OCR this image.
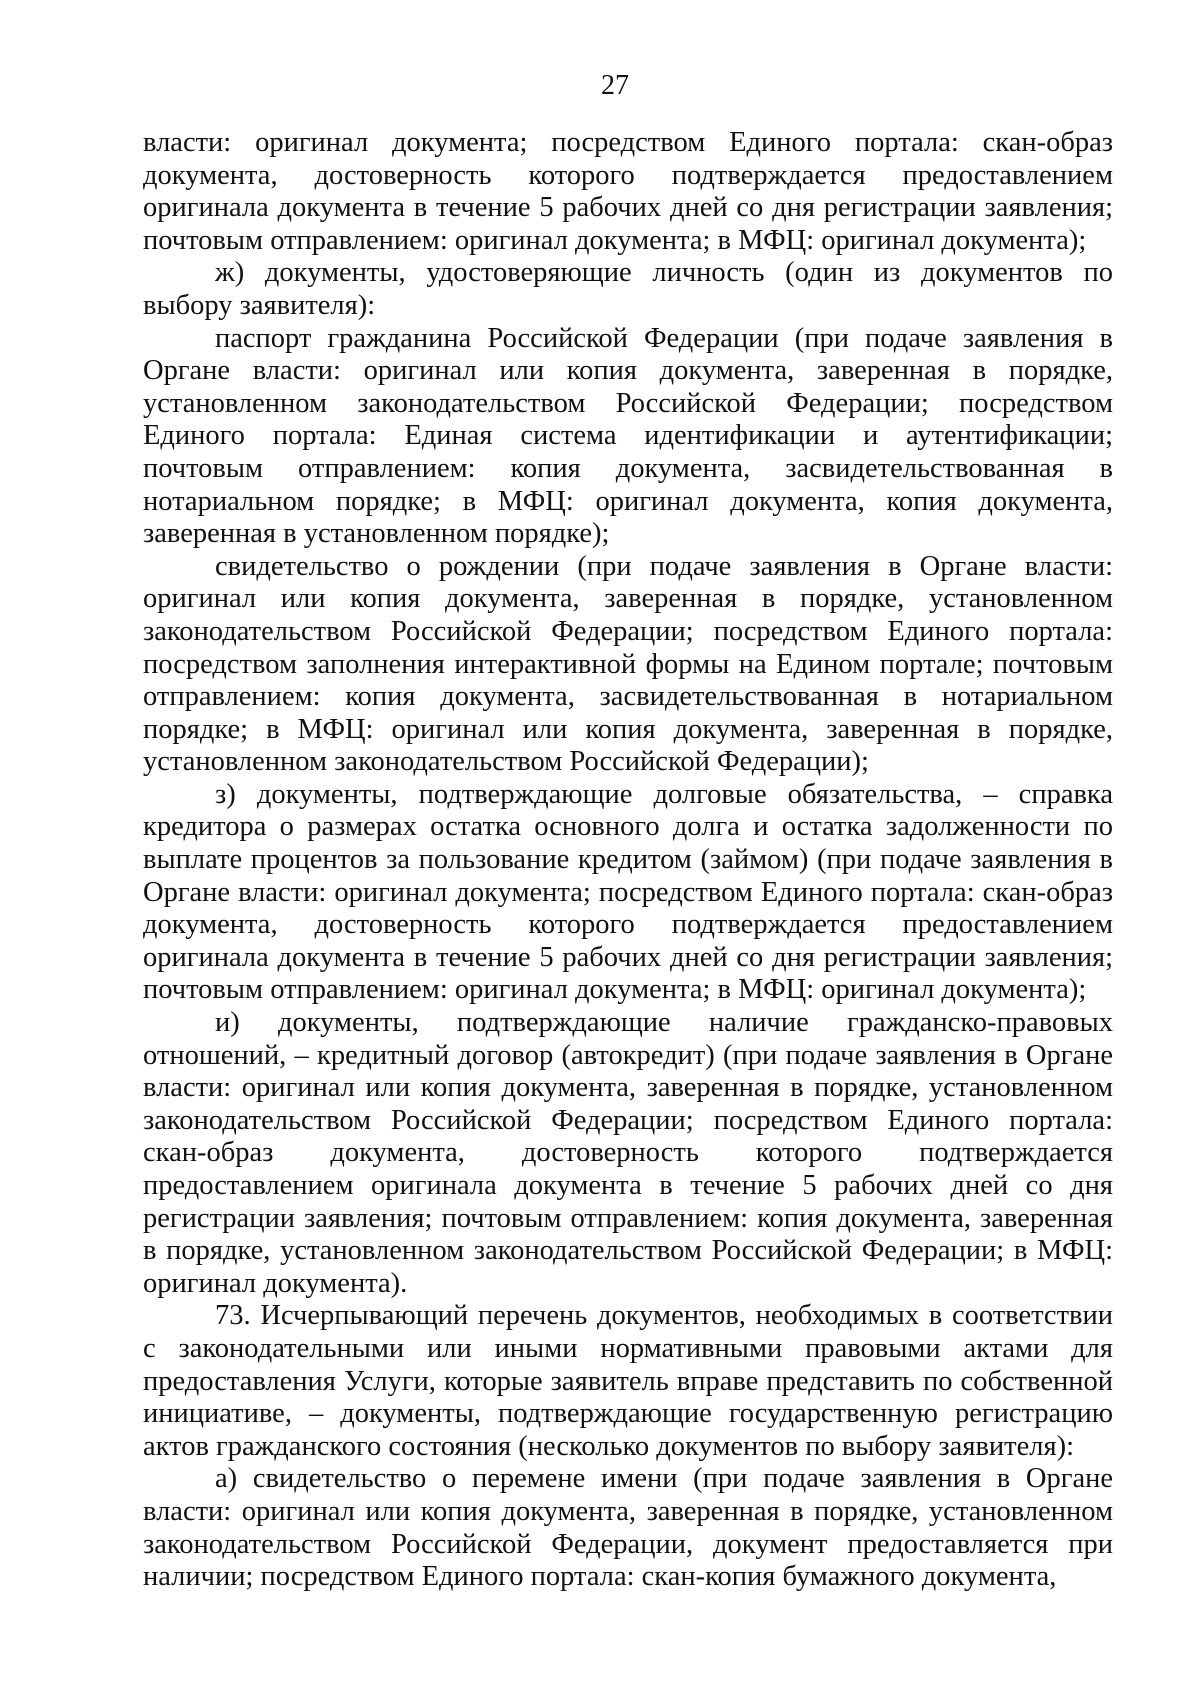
27

власти: оригинал документа; посредством Единого портала: скан-образ документа, достоверность которого подтверждается предоставлением оригинала документа в течение 5 рабочих дней со дня регистрации заявления; почтовым отправлением: оригинал документа; в МФЦ: оригинал документа);

ж) документы, удостоверяющие личность (один из документов по выбору заявителя):

паспорт гражданина Российской Федерации (при подаче заявления в Органе власти: оригинал или копия документа, заверенная в порядке, установленном законодательством Российской Федерации; посредством Единого портала: Единая система идентификации и аутентификации; почтовым отправлением: копия документа, засвидетельствованная в нотариальном порядке; в МФЦ: оригинал документа, копия документа, заверенная в установленном порядке);

свидетельство о рождении (при подаче заявления в Органе власти: оригинал или копия документа, заверенная в порядке, установленном законодательством Российской Федерации; посредством Единого портала: посредством заполнения интерактивной формы на Едином портале; почтовым отправлением: копия документа, засвидетельствованная в нотариальном порядке; в МФЦ: оригинал или копия документа, заверенная в порядке, установленном законодательством Российской Федерации);

з) документы, подтверждающие долговые обязательства, – справка кредитора о размерах остатка основного долга и остатка задолженности по выплате процентов за пользование кредитом (займом) (при подаче заявления в Органе власти: оригинал документа; посредством Единого портала: скан-образ документа, достоверность которого подтверждается предоставлением оригинала документа в течение 5 рабочих дней со дня регистрации заявления; почтовым отправлением: оригинал документа; в МФЦ: оригинал документа);

и) документы, подтверждающие наличие гражданско-правовых отношений, – кредитный договор (автокредит) (при подаче заявления в Органе власти: оригинал или копия документа, заверенная в порядке, установленном законодательством Российской Федерации; посредством Единого портала: скан-образ документа, достоверность которого подтверждается предоставлением оригинала документа в течение 5 рабочих дней со дня регистрации заявления; почтовым отправлением: копия документа, заверенная в порядке, установленном законодательством Российской Федерации; в МФЦ: оригинал документа).

73. Исчерпывающий перечень документов, необходимых в соответствии с законодательными или иными нормативными правовыми актами для предоставления Услуги, которые заявитель вправе представить по собственной инициативе, – документы, подтверждающие государственную регистрацию актов гражданского состояния (несколько документов по выбору заявителя):

а) свидетельство о перемене имени (при подаче заявления в Органе власти: оригинал или копия документа, заверенная в порядке, установленном законодательством Российской Федерации, документ предоставляется при наличии; посредством Единого портала: скан-копия бумажного документа,
